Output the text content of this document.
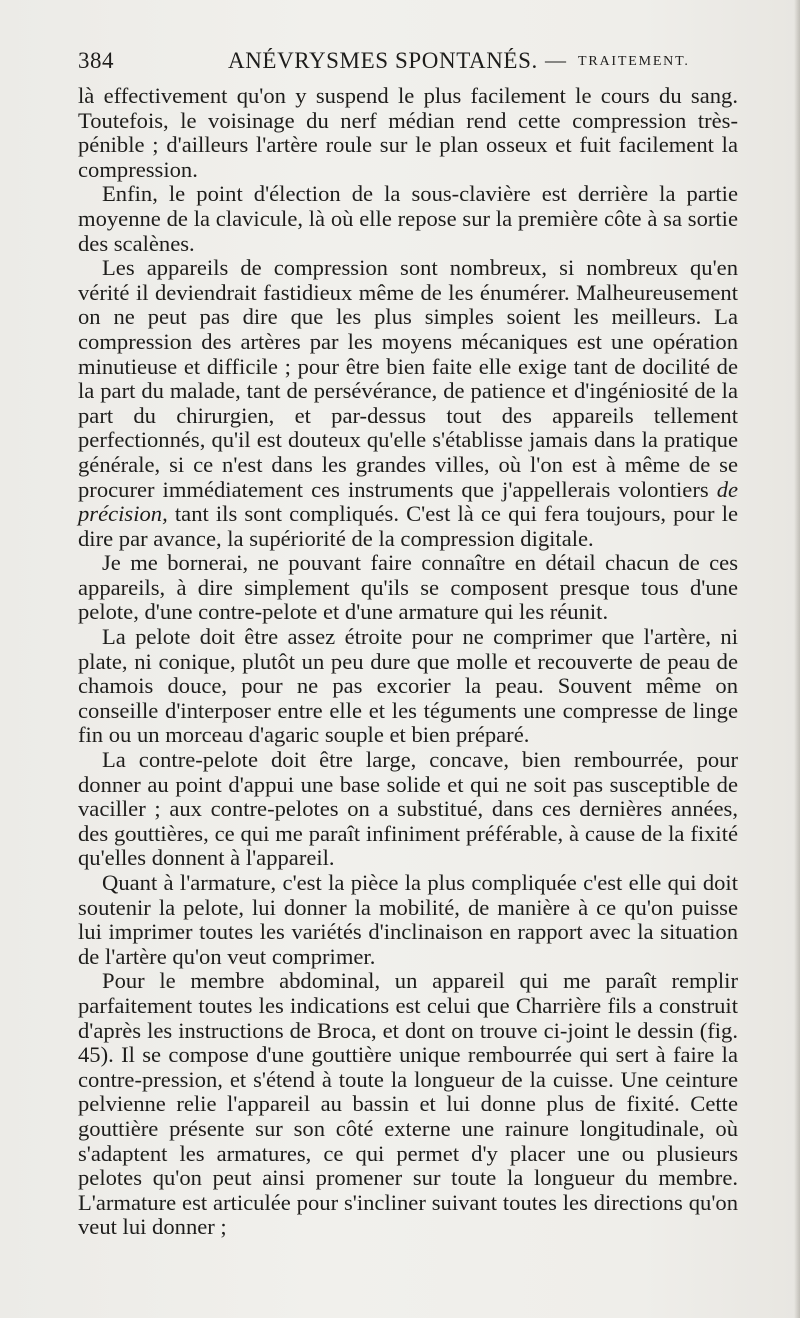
384	ANÉVRYSMES SPONTANÉS. — TRAITEMENT.

là effectivement qu'on y suspend le plus facilement le cours du sang. Toutefois, le voisinage du nerf médian rend cette compression très-pénible ; d'ailleurs l'artère roule sur le plan osseux et fuit facilement la compression.

Enfin, le point d'élection de la sous-clavière est derrière la partie moyenne de la clavicule, là où elle repose sur la première côte à sa sortie des scalènes.

Les appareils de compression sont nombreux, si nombreux qu'en vérité il deviendrait fastidieux même de les énumérer. Malheureusement on ne peut pas dire que les plus simples soient les meilleurs. La compression des artères par les moyens mécaniques est une opération minutieuse et difficile ; pour être bien faite elle exige tant de docilité de la part du malade, tant de persévérance, de patience et d'ingéniosité de la part du chirurgien, et par-dessus tout des appareils tellement perfectionnés, qu'il est douteux qu'elle s'établisse jamais dans la pratique générale, si ce n'est dans les grandes villes, où l'on est à même de se procurer immédiatement ces instruments que j'appellerais volontiers de précision, tant ils sont compliqués. C'est là ce qui fera toujours, pour le dire par avance, la supériorité de la compression digitale.

Je me bornerai, ne pouvant faire connaître en détail chacun de ces appareils, à dire simplement qu'ils se composent presque tous d'une pelote, d'une contre-pelote et d'une armature qui les réunit.

La pelote doit être assez étroite pour ne comprimer que l'artère, ni plate, ni conique, plutôt un peu dure que molle et recouverte de peau de chamois douce, pour ne pas excorier la peau. Souvent même on conseille d'interposer entre elle et les téguments une compresse de linge fin ou un morceau d'agaric souple et bien préparé.

La contre-pelote doit être large, concave, bien rembourrée, pour donner au point d'appui une base solide et qui ne soit pas susceptible de vaciller ; aux contre-pelotes on a substitué, dans ces dernières années, des gouttières, ce qui me paraît infiniment préférable, à cause de la fixité qu'elles donnent à l'appareil.

Quant à l'armature, c'est la pièce la plus compliquée c'est elle qui doit soutenir la pelote, lui donner la mobilité, de manière à ce qu'on puisse lui imprimer toutes les variétés d'inclinaison en rapport avec la situation de l'artère qu'on veut comprimer.

Pour le membre abdominal, un appareil qui me paraît remplir parfaitement toutes les indications est celui que Charrière fils a construit d'après les instructions de Broca, et dont on trouve ci-joint le dessin (fig. 45). Il se compose d'une gouttière unique rembourrée qui sert à faire la contre-pression, et s'étend à toute la longueur de la cuisse. Une ceinture pelvienne relie l'appareil au bassin et lui donne plus de fixité. Cette gouttière présente sur son côté externe une rainure longitudinale, où s'adaptent les armatures, ce qui permet d'y placer une ou plusieurs pelotes qu'on peut ainsi promener sur toute la longueur du membre. L'armature est articulée pour s'incliner suivant toutes les directions qu'on veut lui donner ;
